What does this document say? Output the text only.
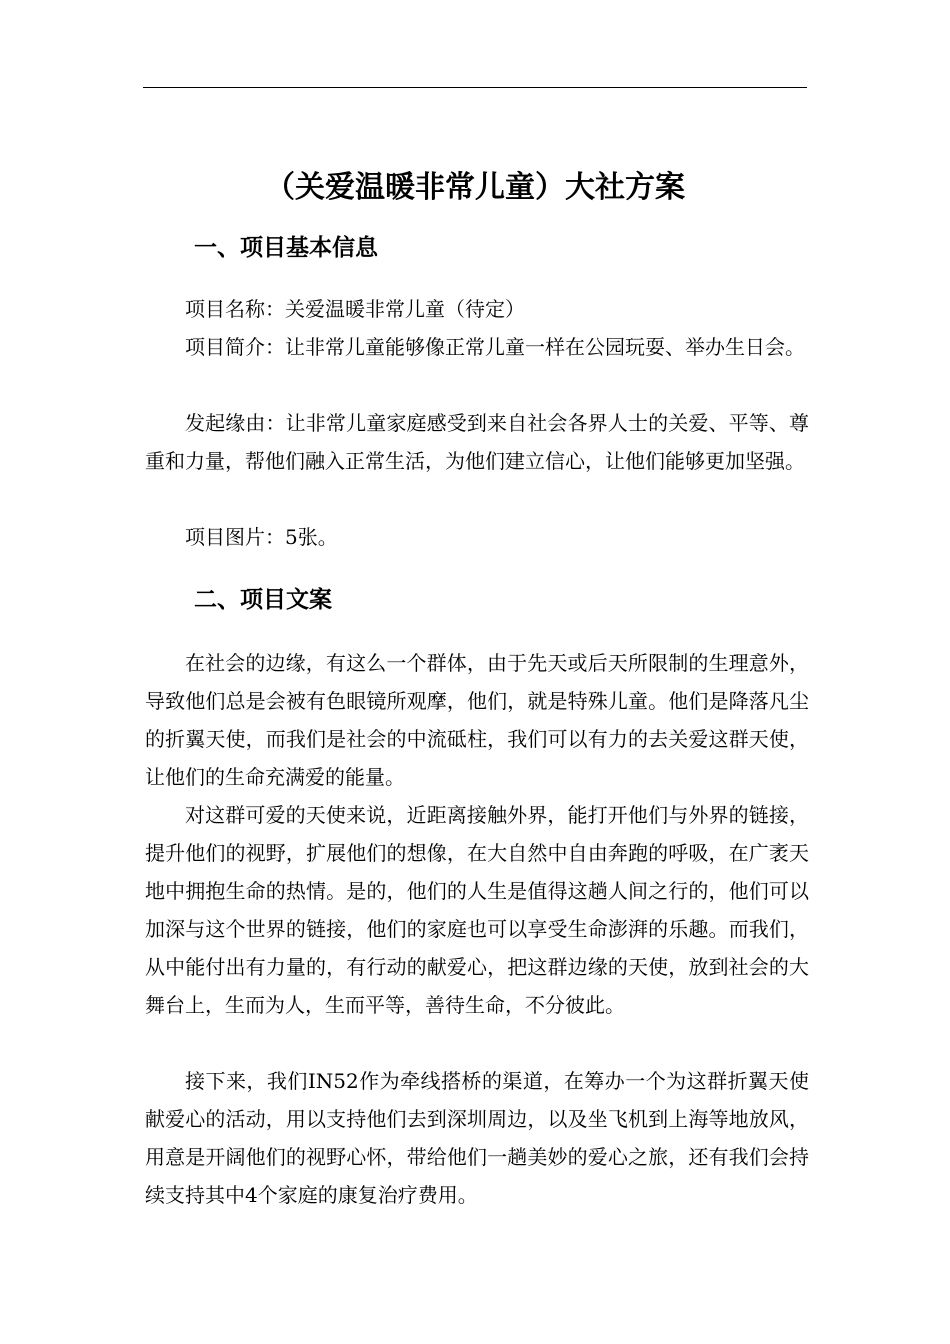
（关爱温暖非常儿童）大社方案
一、项目基本信息

项目名称：关爱温暖非常儿童（待定）

项目简介：让非常儿童能够像正常儿童一样在公园玩耍、举办生日会。

发起缘由：让非常儿童家庭感受到来自社会各界人士的关爱、平等、尊重和力量，帮他们融入正常生活，为他们建立信心，让他们能够更加坚强。

项目图片：5张。

二、项目文案

在社会的边缘，有这么一个群体，由于先天或后天所限制的生理意外，导致他们总是会被有色眼镜所观摩，他们，就是特殊儿童。他们是降落凡尘的折翼天使，而我们是社会的中流砥柱，我们可以有力的去关爱这群天使，让他们的生命充满爱的能量。

对这群可爱的天使来说，近距离接触外界，能打开他们与外界的链接，提升他们的视野，扩展他们的想像，在大自然中自由奔跑的呼吸，在广袤天地中拥抱生命的热情。是的，他们的人生是值得这趟人间之行的，他们可以加深与这个世界的链接，他们的家庭也可以享受生命澎湃的乐趣。而我们，从中能付出有力量的，有行动的献爱心，把这群边缘的天使，放到社会的大舞台上，生而为人，生而平等，善待生命，不分彼此。

接下来，我们IN52作为牵线搭桥的渠道，在筹办一个为这群折翼天使献爱心的活动，用以支持他们去到深圳周边，以及坐飞机到上海等地放风，用意是开阔他们的视野心怀，带给他们一趟美妙的爱心之旅，还有我们会持续支持其中4个家庭的康复治疗费用。
